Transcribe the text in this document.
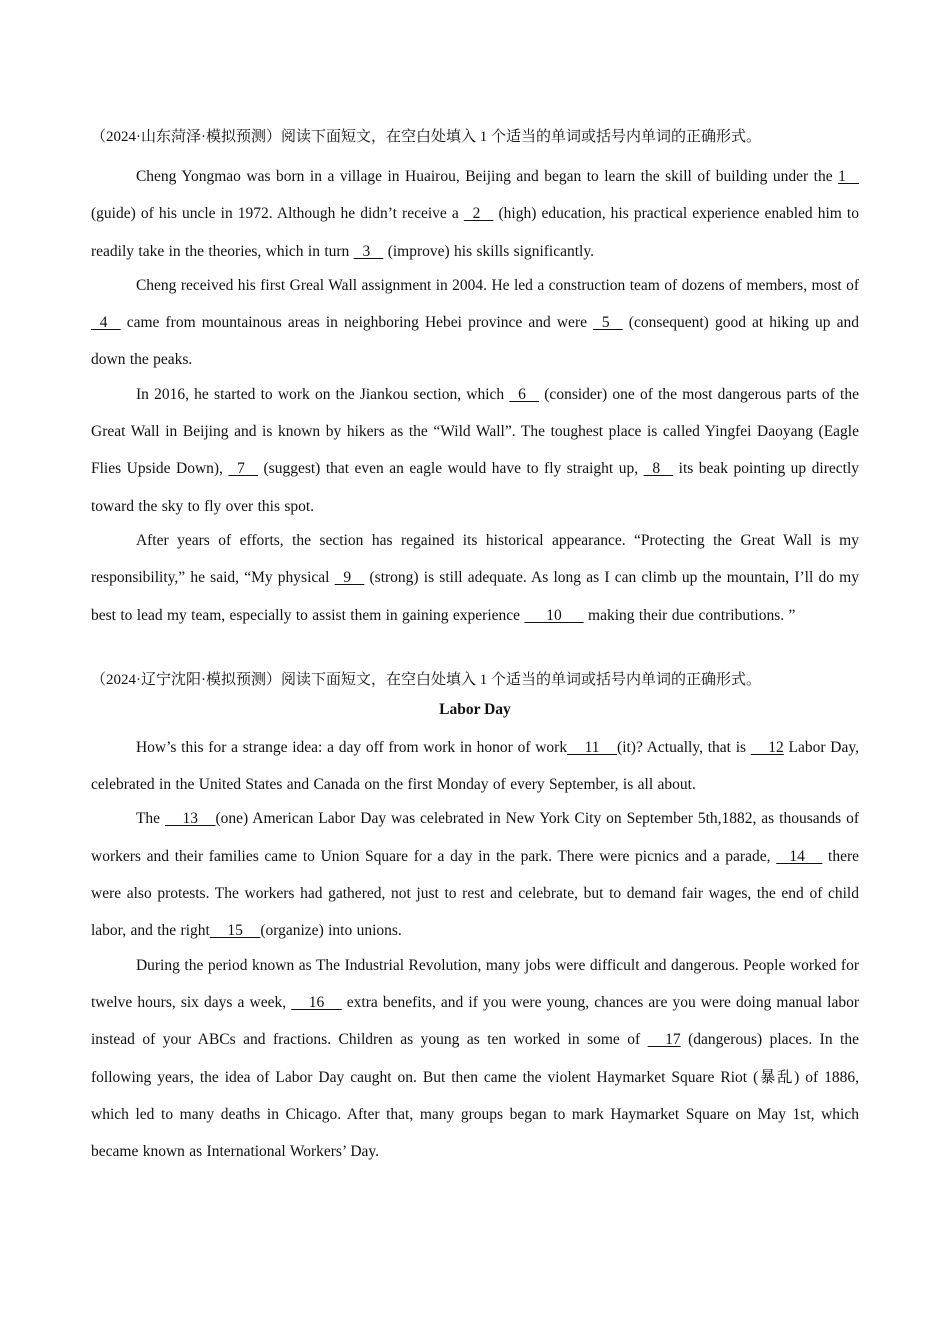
（2024·山东菏泽·模拟预测）阅读下面短文，在空白处填入 1 个适当的单词或括号内单词的正确形式。

Cheng Yongmao was born in a village in Huairou, Beijing and began to learn the skill of building under the 1    (guide) of his uncle in 1972. Although he didn’t receive a   2    (high) education, his practical experience enabled him to readily take in the theories, which in turn   3    (improve) his skills significantly.

Cheng received his first Greal Wall assignment in 2004. He led a construction team of dozens of members, most of   4    came from mountainous areas in neighboring Hebei province and were   5    (consequent) good at hiking up and down the peaks.

In 2016, he started to work on the Jiankou section, which   6    (consider) one of the most dangerous parts of the Great Wall in Beijing and is known by hikers as the “Wild Wall”. The toughest place is called Yingfei Daoyang (Eagle Flies Upside Down),   7    (suggest) that even an eagle would have to fly straight up,   8    its beak pointing up directly toward the sky to fly over this spot.

After years of efforts, the section has regained its historical appearance. “Protecting the Great Wall is my responsibility,” he said, “My physical   9    (strong) is still adequate. As long as I can climb up the mountain, I’ll do my best to lead my team, especially to assist them in gaining experience      10      making their due contributions. ”

（2024·辽宁沈阳·模拟预测）阅读下面短文，在空白处填入 1 个适当的单词或括号内单词的正确形式。
Labor Day

How’s this for a strange idea: a day off from work in honor of work    11    (it)? Actually, that is     12 Labor Day, celebrated in the United States and Canada on the first Monday of every September, is all about.

The     13    (one) American Labor Day was celebrated in New York City on September 5th,1882, as thousands of workers and their families came to Union Square for a day in the park. There were picnics and a parade,    14     there were also protests. The workers had gathered, not just to rest and celebrate, but to demand fair wages, the end of child labor, and the right    15    (organize) into unions.

During the period known as The Industrial Revolution, many jobs were difficult and dangerous. People worked for twelve hours, six days a week,     16     extra benefits, and if you were young, chances are you were doing manual labor instead of your ABCs and fractions. Children as young as ten worked in some of     17 (dangerous) places. In the following years, the idea of Labor Day caught on. But then came the violent Haymarket Square Riot (暴乱) of 1886, which led to many deaths in Chicago. After that, many groups began to mark Haymarket Square on May 1st, which became known as International Workers’ Day.
